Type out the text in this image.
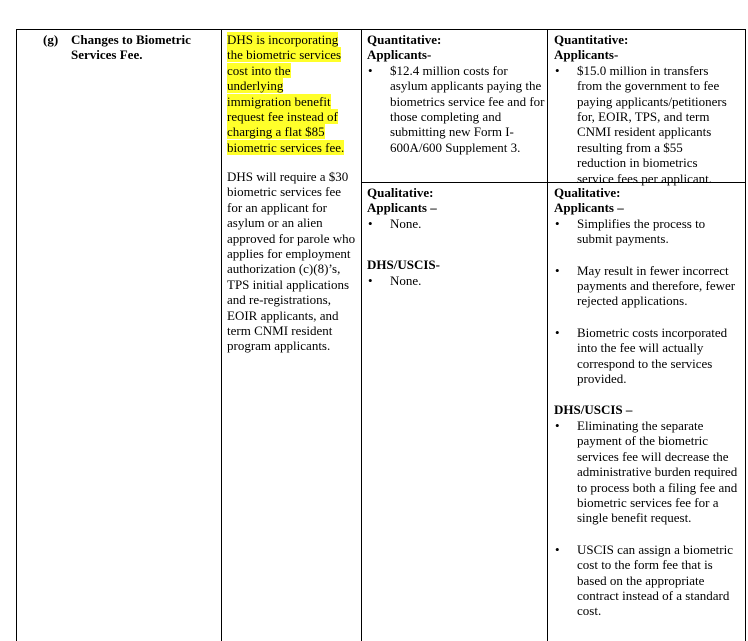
(g) Changes to Biometric
Services Fee.
DHS is incorporating
the biometric services
cost into the
underlying
immigration benefit
request fee instead of
charging a flat $85
biometric services fee.
DHS will require a $30 biometric services fee for an applicant for asylum or an alien approved for parole who applies for employment authorization (c)(8)’s, TPS initial applications and re-registrations, EOIR applicants, and term CNMI resident program applicants.
Quantitative:
Applicants-
• $12.4 million costs for asylum applicants paying the biometrics service fee and for those completing and submitting new Form I-600A/600 Supplement 3.
Qualitative:
Applicants –
• None.
DHS/USCIS-
• None.
Quantitative:
Applicants-
• $15.0 million in transfers from the government to fee paying applicants/petitioners for, EOIR, TPS, and term CNMI resident applicants resulting from a $55 reduction in biometrics service fees per applicant.
Qualitative:
Applicants –
• Simplifies the process to submit payments.
• May result in fewer incorrect payments and therefore, fewer rejected applications.
• Biometric costs incorporated into the fee will actually correspond to the services provided.
DHS/USCIS –
• Eliminating the separate payment of the biometric services fee will decrease the administrative burden required to process both a filing fee and biometric services fee for a single benefit request.
• USCIS can assign a biometric cost to the form fee that is based on the appropriate contract instead of a standard cost.
